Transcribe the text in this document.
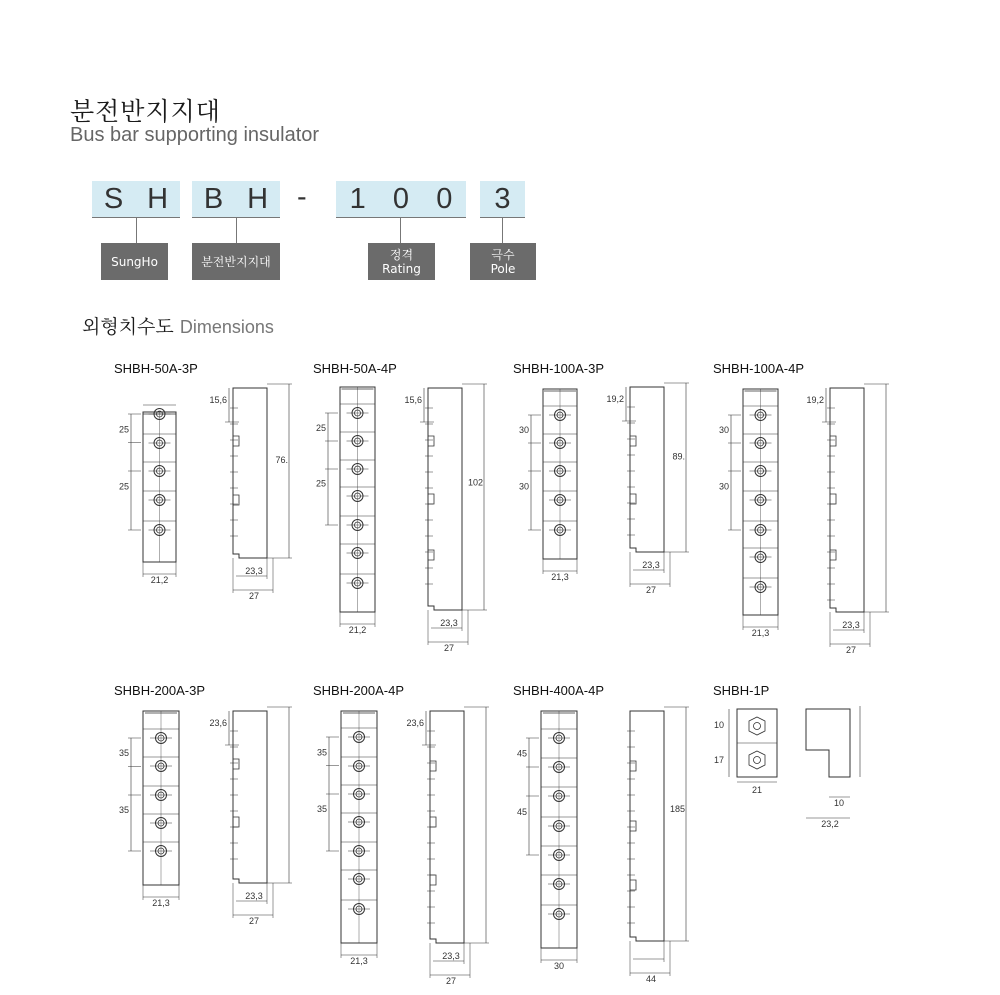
분전반지지대
Bus bar supporting insulator
S H B H - 1 0 0 3
SungHo	분전반지지대	정격
Rating
극수
Pole
외형치수도 Dimensions
SHBH-50A-3P	SHBH-50A-4P	SHBH-100A-3P	SHBH-100A-4P
SHBH-200A-3P	SHBH-200A-4P	SHBH-400A-4P	SHBH-1P
25
25
21,2
15,6
76.
23,3
27
25
25
21,2
15,6
102
23,3
27
30
30
21,3
19,2
89.
23,3
27
30
30
21,3
19,2
23,3
27
35
35
21,3
23,6
23,3
27
35
35
21,3
23,6
23,3
27
45
45
30
185
44
10
17
21
10
23,2
